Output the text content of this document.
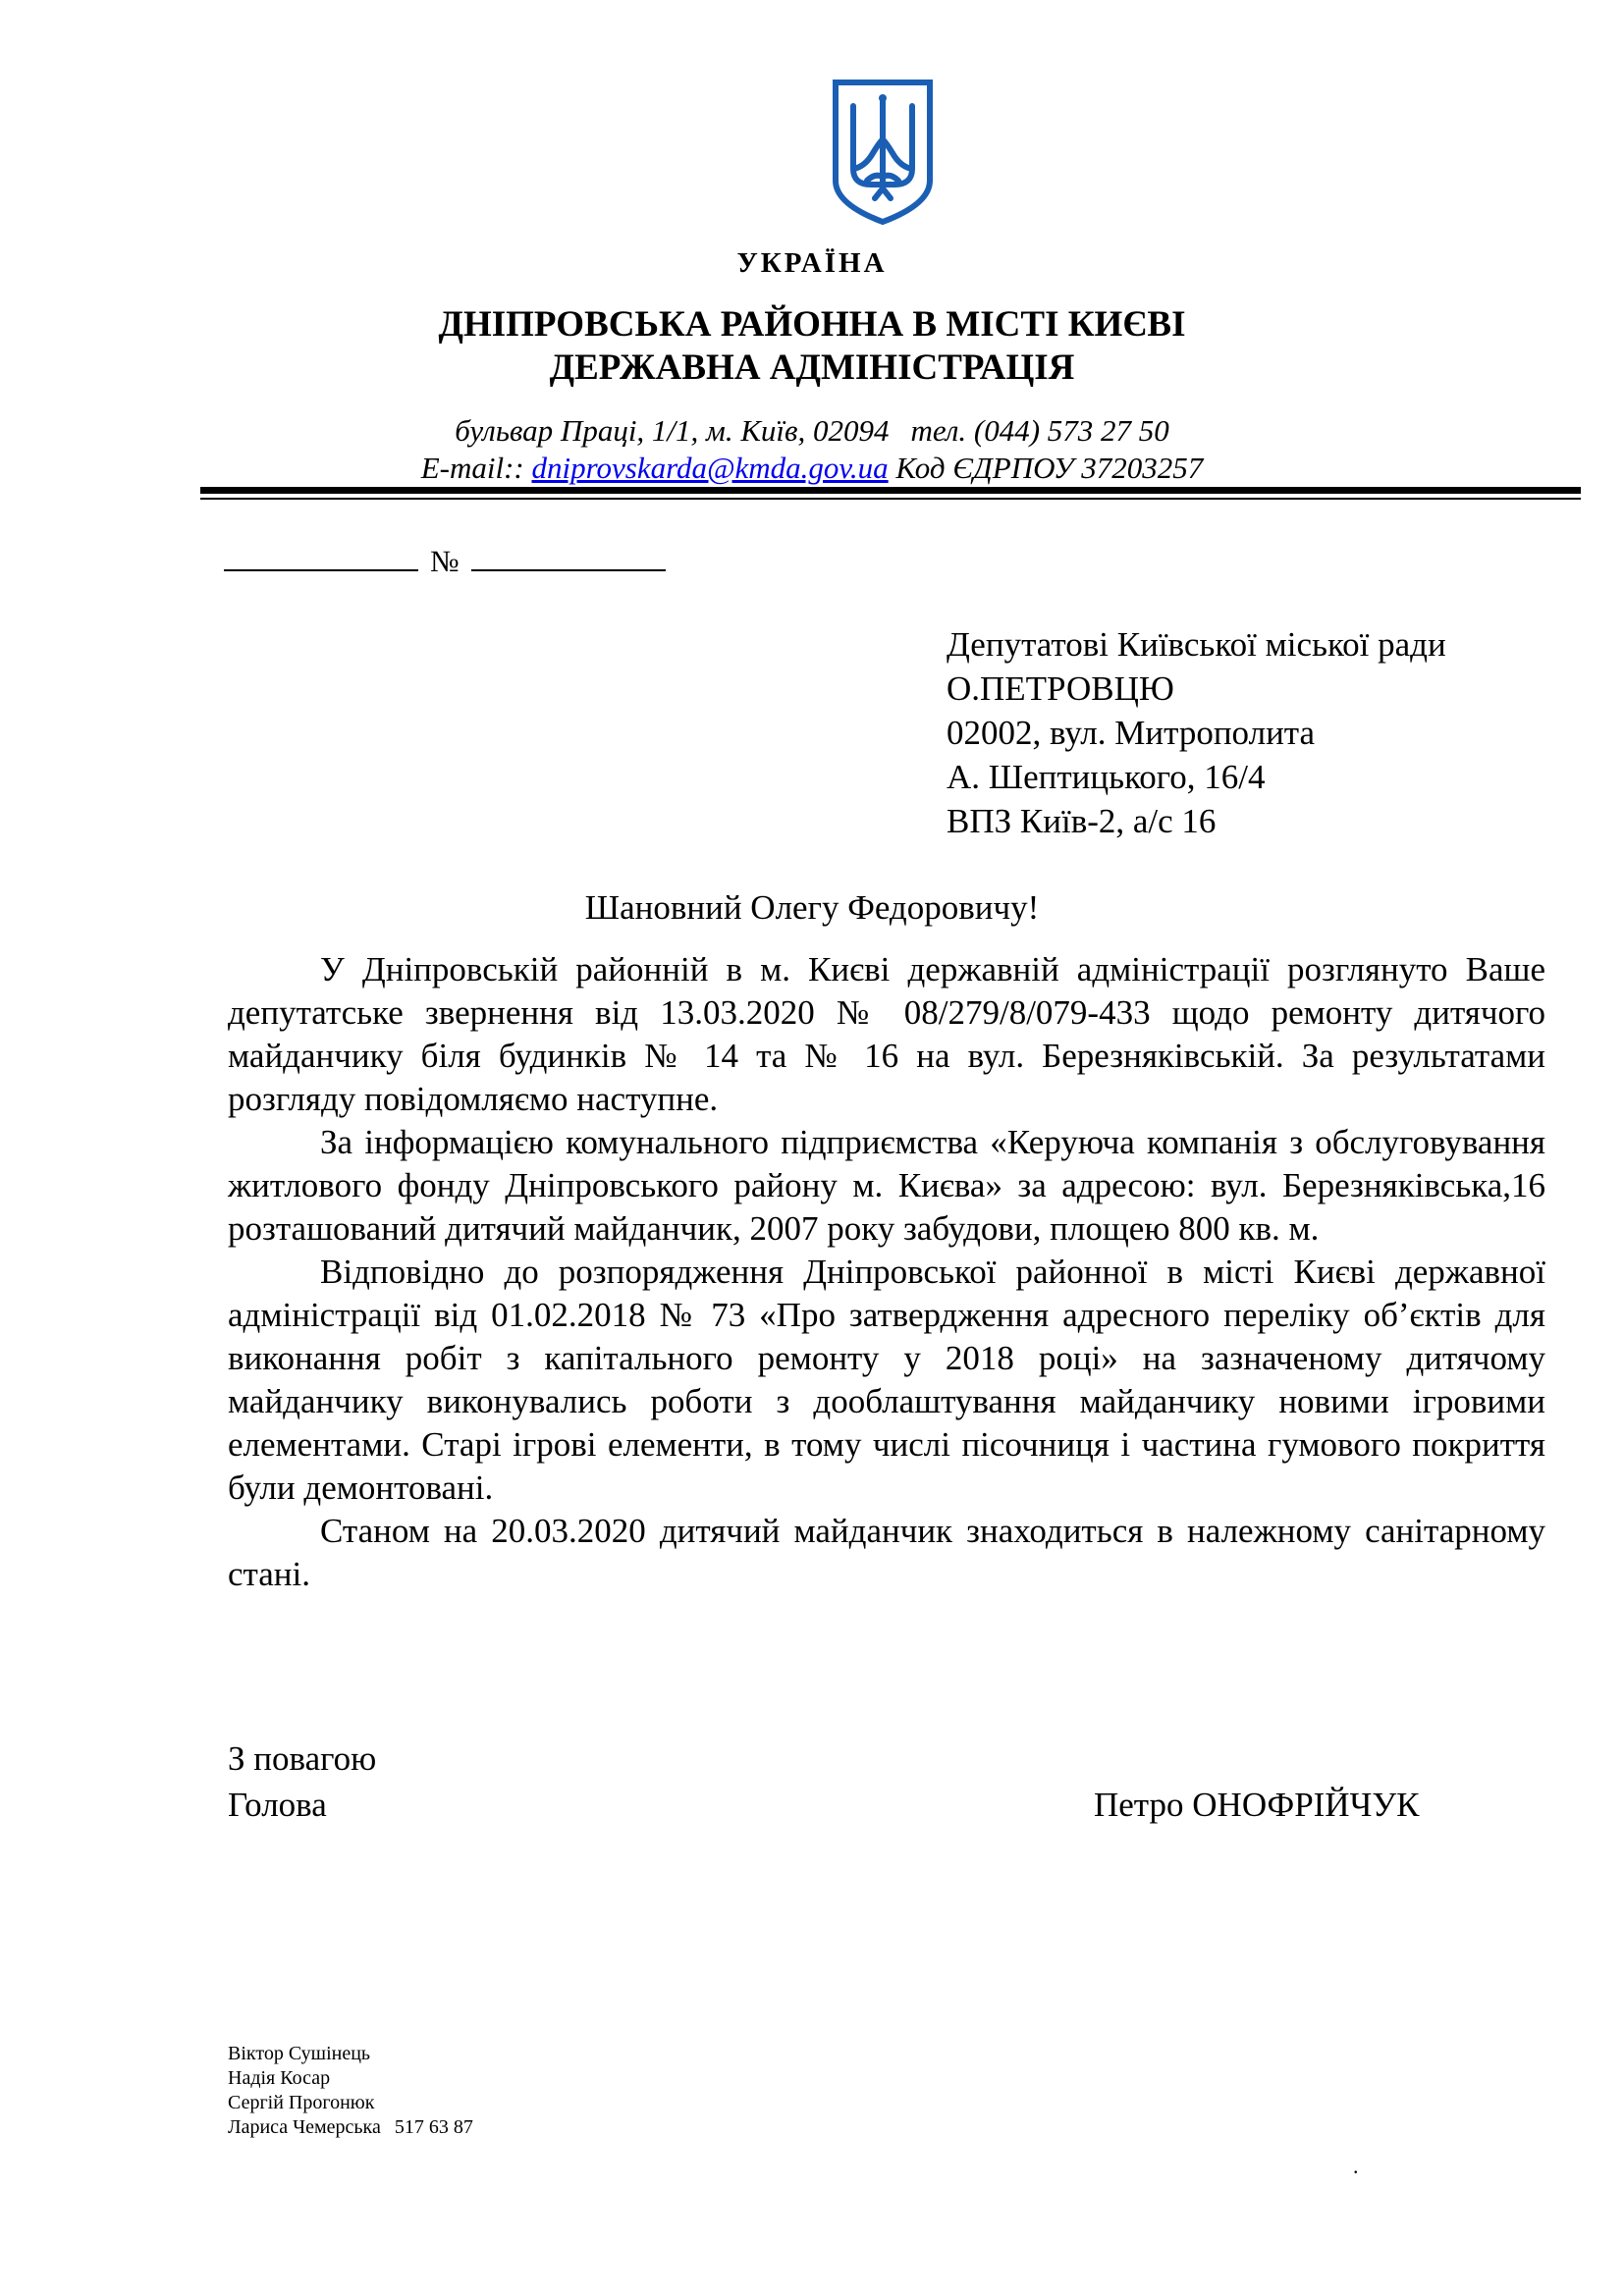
УКРАЇНА
ДНІПРОВСЬКА РАЙОННА В МІСТІ КИЄВІ
ДЕРЖАВНА АДМІНІСТРАЦІЯ
бульвар Праці, 1/1, м. Київ, 02094 тел. (044) 573 27 50
E-mail:: dniprovskarda@kmda.gov.ua Код ЄДРПОУ 37203257
№
Депутатові Київської міської ради
О.ПЕТРОВЦЮ
02002, вул. Митрополита
А. Шептицького, 16/4
ВПЗ Київ-2, а/с 16
Шановний Олегу Федоровичу!

У Дніпровській районній в м. Києві державній адміністрації розглянуто Ваше депутатське звернення від 13.03.2020 № 08/279/8/079-433 щодо ремонту дитячого майданчику біля будинків № 14 та № 16 на вул. Березняківській. За результатами розгляду повідомляємо наступне.

За інформацією комунального підприємства «Керуюча компанія з обслуговування житлового фонду Дніпровського району м. Києва» за адресою: вул. Березняківська,16 розташований дитячий майданчик, 2007 року забудови, площею 800 кв. м.

Відповідно до розпорядження Дніпровської районної в місті Києві державної адміністрації від 01.02.2018 № 73 «Про затвердження адресного переліку об’єктів для виконання робіт з капітального ремонту у 2018 році» на зазначеному дитячому майданчику виконувались роботи з дооблаштування майданчику новими ігровими елементами. Старі ігрові елементи, в тому числі пісочниця і частина гумового покриття були демонтовані.

Станом на 20.03.2020 дитячий майданчик знаходиться в належному санітарному стані.

З повагою
Голова	Петро ОНОФРІЙЧУК
Віктор Сушінець
Надія Косар
Сергій Прогонюк
Лариса Чемерська 517 63 87
.
